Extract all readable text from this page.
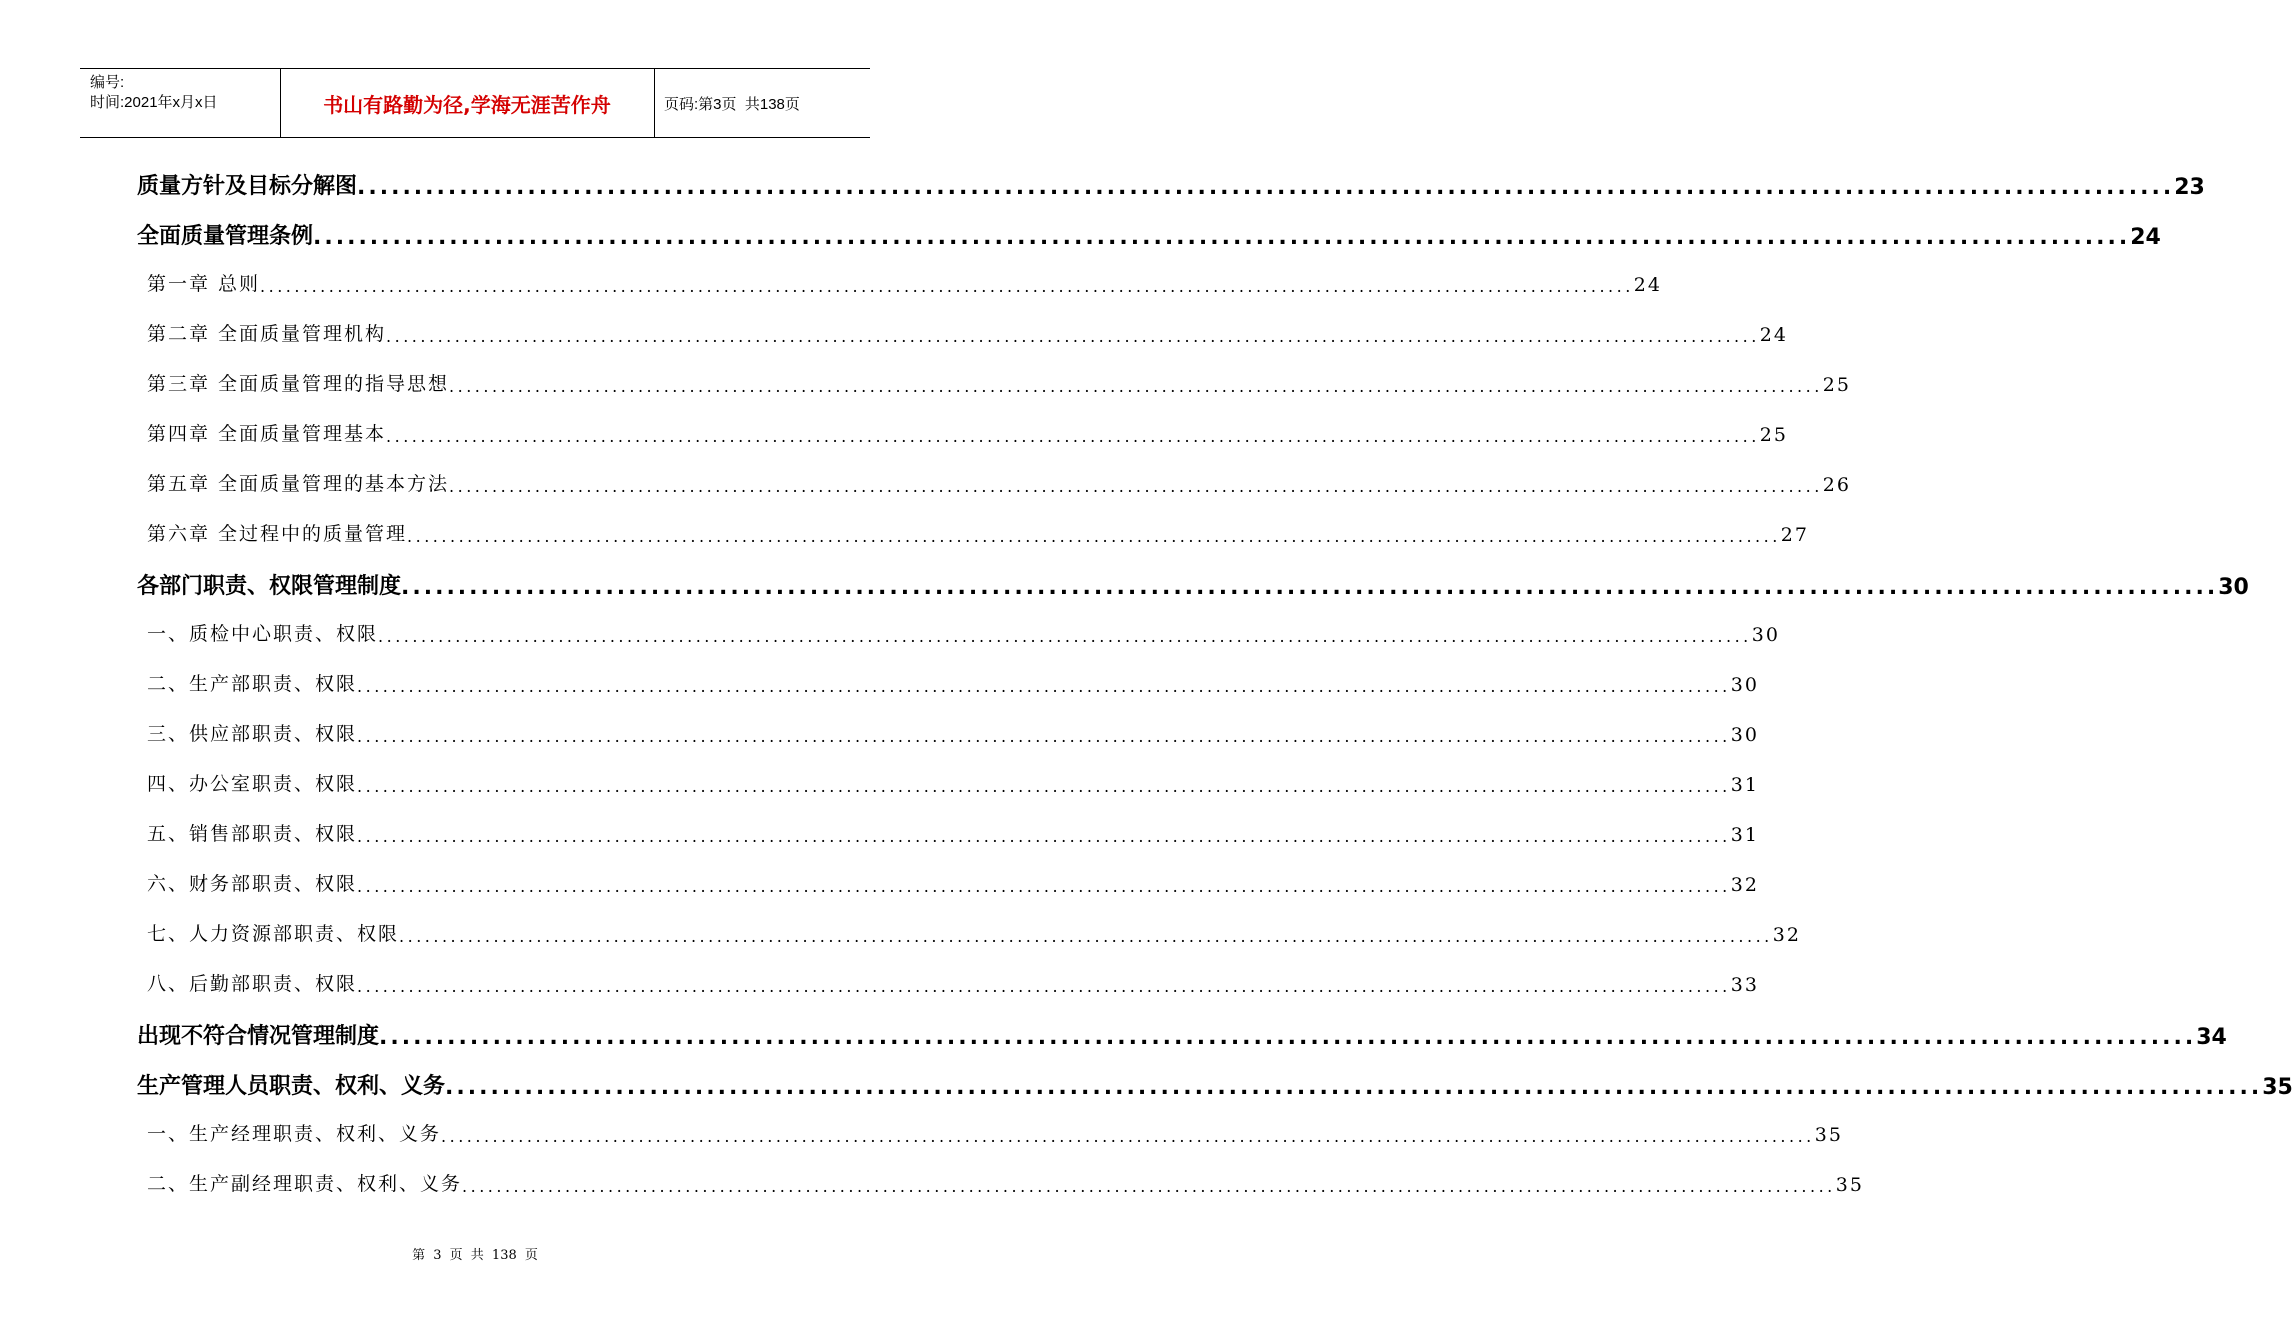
编号:
时间:2021年x月x日	书山有路勤为径,学海无涯苦作舟	页码:第3页  共138页
质量方针及目标分解图 ................................................................................................................................................................ 23
全面质量管理条例 ................................................................................................................................................................ 24
第一章 总则 ................................................................................................................................................................ 24
第二章 全面质量管理机构 ................................................................................................................................................................ 24
第三章 全面质量管理的指导思想 ................................................................................................................................................................ 25
第四章 全面质量管理基本 ................................................................................................................................................................ 25
第五章 全面质量管理的基本方法 ................................................................................................................................................................ 26
第六章 全过程中的质量管理 ................................................................................................................................................................ 27
各部门职责、权限管理制度 ................................................................................................................................................................ 30
一、质检中心职责、权限 ................................................................................................................................................................ 30
二、生产部职责、权限 ................................................................................................................................................................ 30
三、供应部职责、权限 ................................................................................................................................................................ 30
四、办公室职责、权限 ................................................................................................................................................................ 31
五、销售部职责、权限 ................................................................................................................................................................ 31
六、财务部职责、权限 ................................................................................................................................................................ 32
七、人力资源部职责、权限 ................................................................................................................................................................ 32
八、后勤部职责、权限 ................................................................................................................................................................ 33
出现不符合情况管理制度 ................................................................................................................................................................ 34
生产管理人员职责、权利、义务 ................................................................................................................................................................ 35
一、生产经理职责、权利、义务 ................................................................................................................................................................ 35
二、生产副经理职责、权利、义务 ................................................................................................................................................................ 35
第 3 页 共 138 页
